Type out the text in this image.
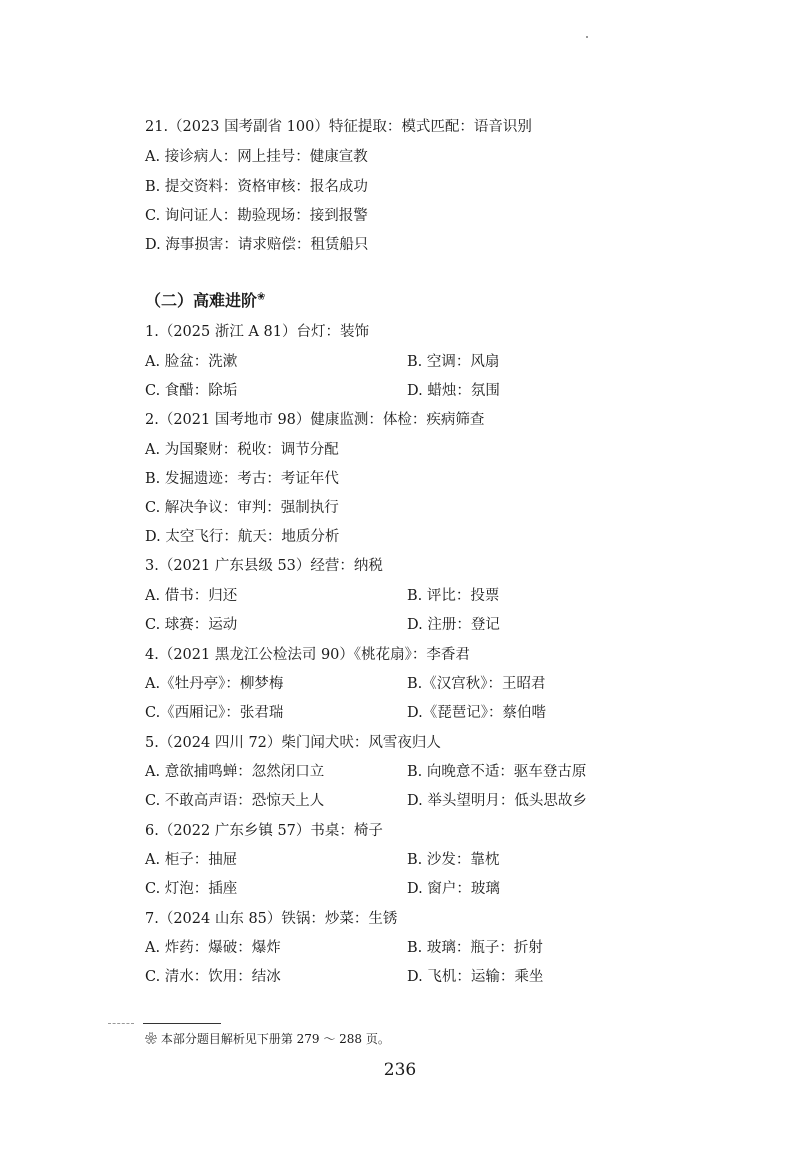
21.（2023 国考副省 100）特征提取：模式匹配：语音识别
A. 接诊病人：网上挂号：健康宣教
B. 提交资料：资格审核：报名成功
C. 询问证人：勘验现场：接到报警
D. 海事损害：请求赔偿：租赁船只
（二）高难进阶❀
1.（2025 浙江 A 81）台灯：装饰
A. 脸盆：洗漱	B. 空调：风扇
C. 食醋：除垢	D. 蜡烛：氛围
2.（2021 国考地市 98）健康监测：体检：疾病筛查
A. 为国聚财：税收：调节分配
B. 发掘遗迹：考古：考证年代
C. 解决争议：审判：强制执行
D. 太空飞行：航天：地质分析
3.（2021 广东县级 53）经营：纳税
A. 借书：归还	B. 评比：投票
C. 球赛：运动	D. 注册：登记
4.（2021 黑龙江公检法司 90）《桃花扇》：李香君
A.《牡丹亭》：柳梦梅	B.《汉宫秋》：王昭君
C.《西厢记》：张君瑞	D.《琵琶记》：蔡伯喈
5.（2024 四川 72）柴门闻犬吠：风雪夜归人
A. 意欲捕鸣蝉：忽然闭口立	B. 向晚意不适：驱车登古原
C. 不敢高声语：恐惊天上人	D. 举头望明月：低头思故乡
6.（2022 广东乡镇 57）书桌：椅子
A. 柜子：抽屉	B. 沙发：靠枕
C. 灯泡：插座	D. 窗户：玻璃
7.（2024 山东 85）铁锅：炒菜：生锈
A. 炸药：爆破：爆炸	B. 玻璃：瓶子：折射
C. 清水：饮用：结冰	D. 飞机：运输：乘坐
❀ 本部分题目解析见下册第 279 ～ 288 页。
236
